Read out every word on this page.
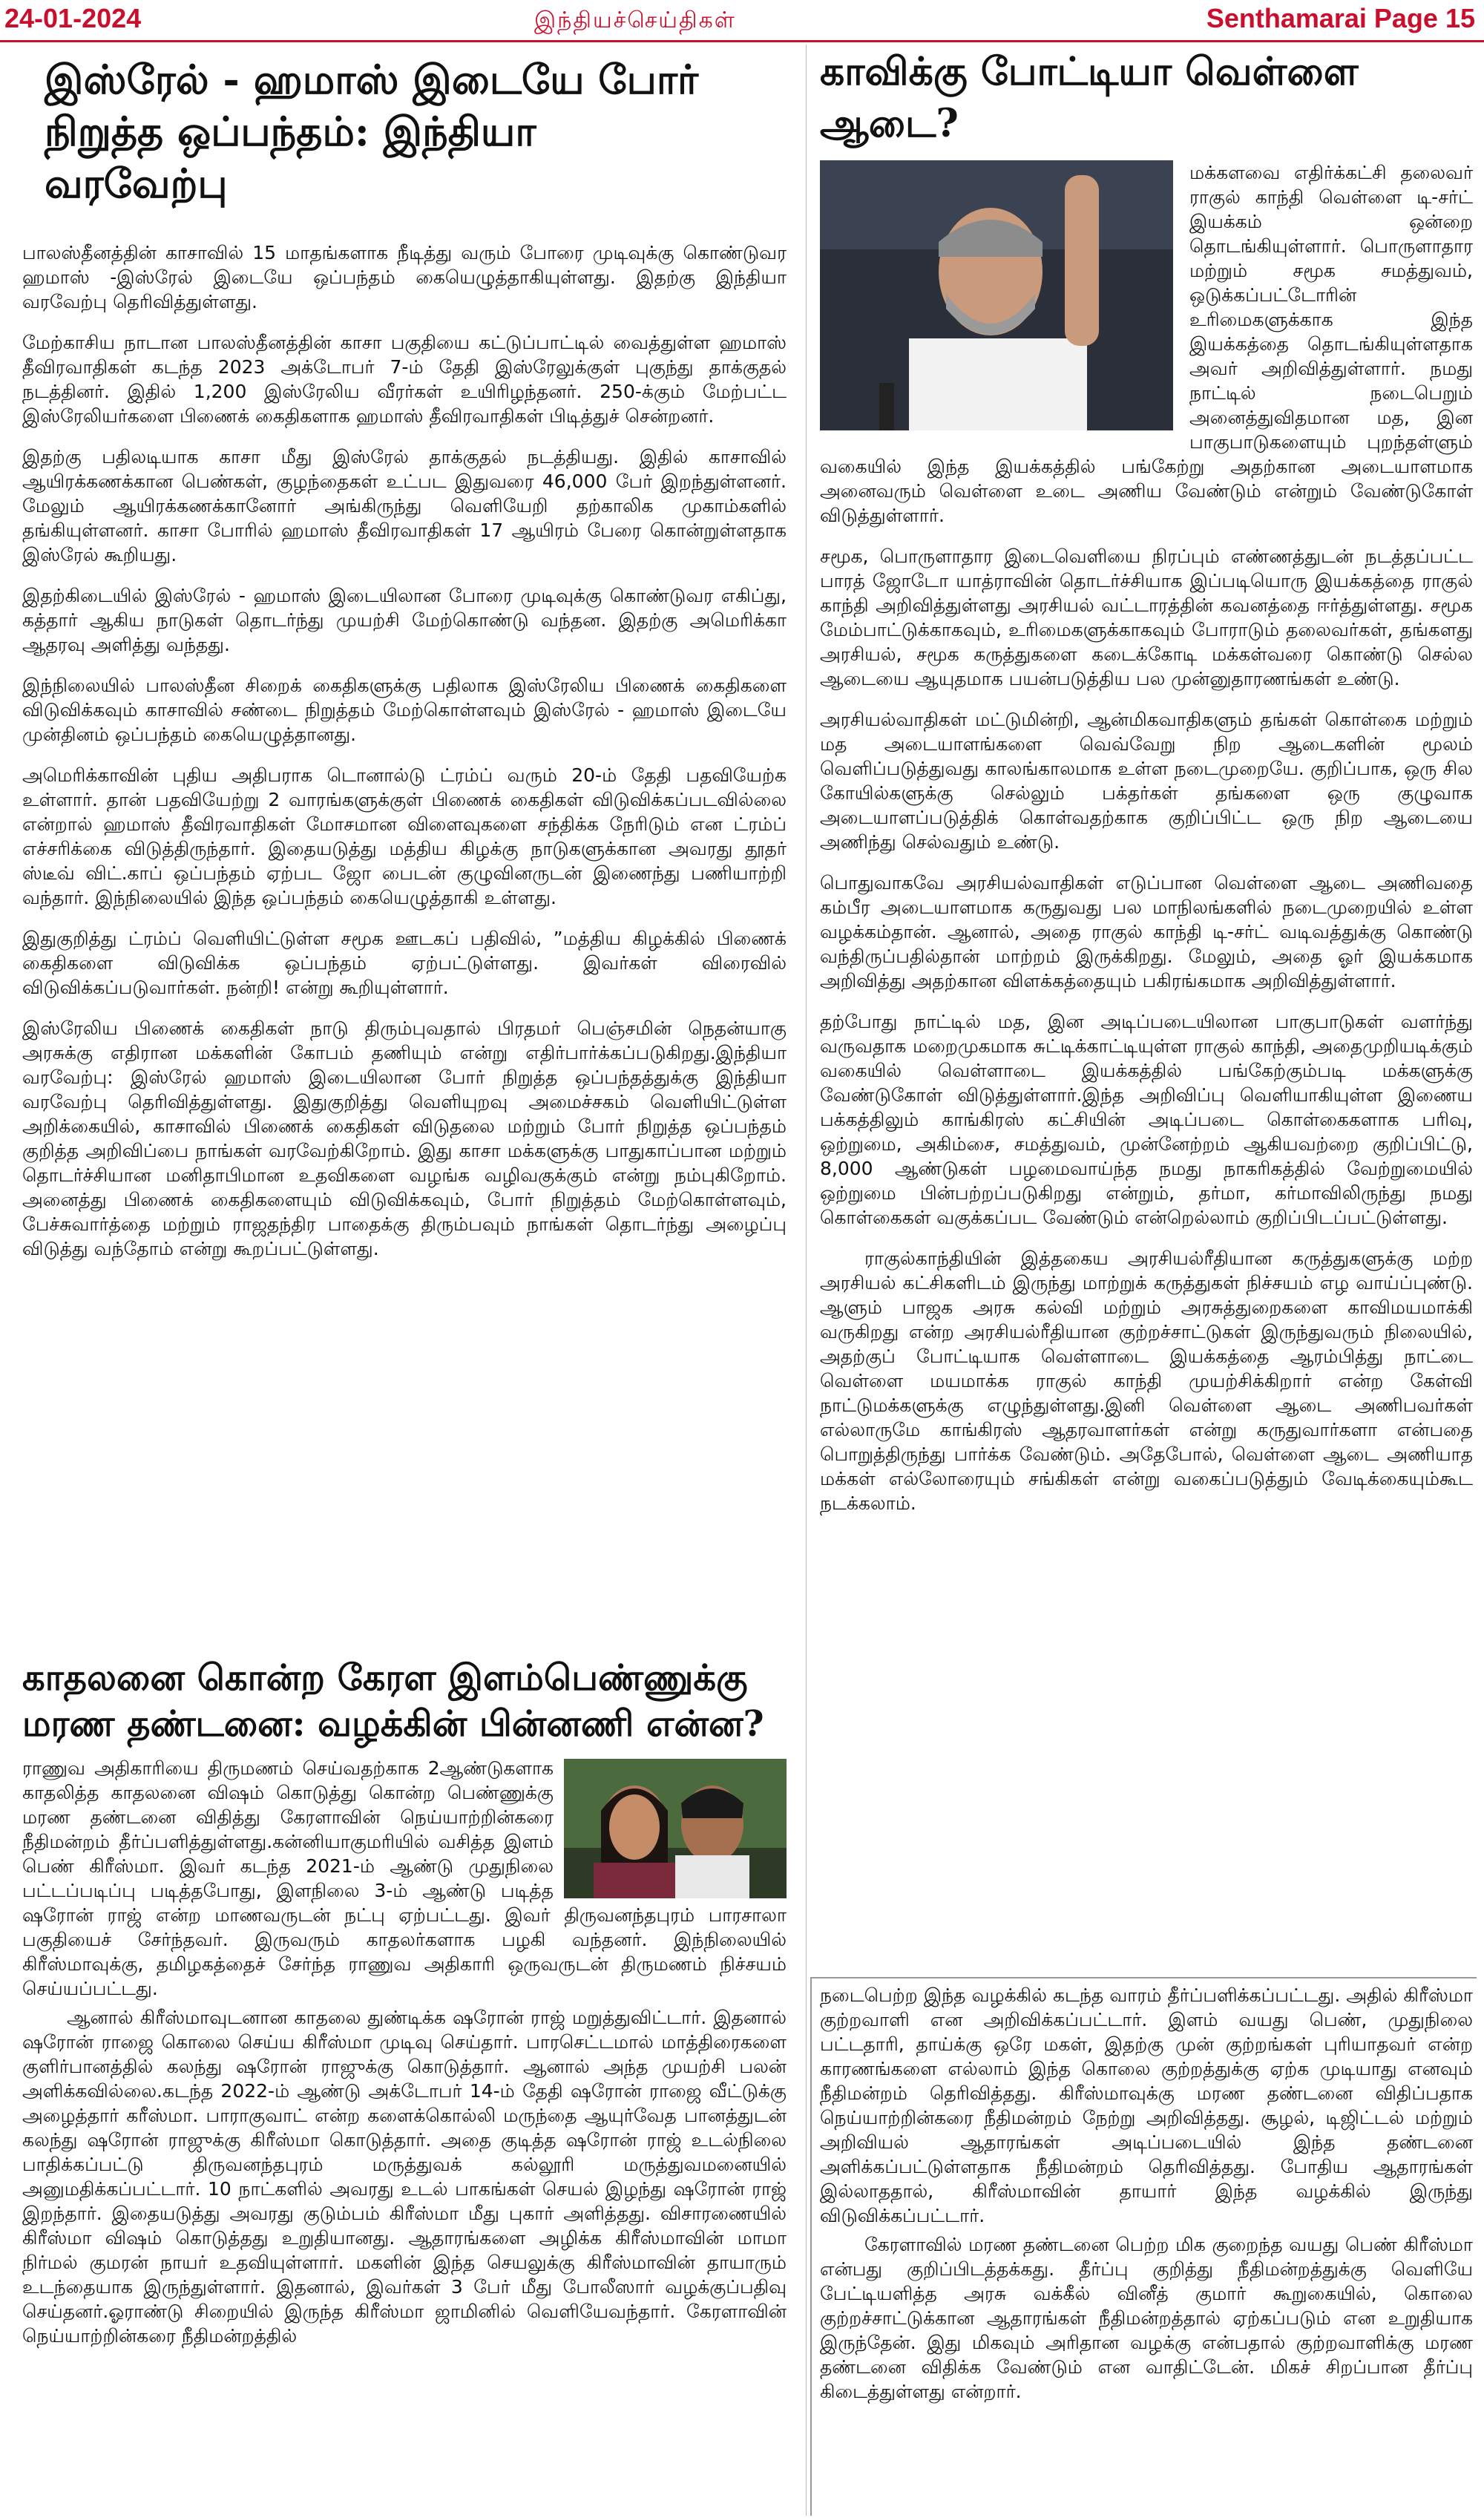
24-01-2024	இந்தியச்செய்திகள்	Senthamarai Page 15
இஸ்ரேல் - ஹமாஸ் இடையே போர் நிறுத்த ஒப்பந்தம்: இந்தியா வரவேற்பு

பாலஸ்தீனத்தின் காசாவில் 15 மாதங்களாக நீடித்து வரும் போரை முடிவுக்கு கொண்டுவர ஹமாஸ் -இஸ்ரேல் இடையே ஒப்பந்தம் கையெழுத்தாகியுள்ளது. இதற்கு இந்தியா வரவேற்பு தெரிவித்துள்ளது.

மேற்காசிய நாடான பாலஸ்தீனத்தின் காசா பகுதியை கட்டுப்பாட்டில் வைத்துள்ள ஹமாஸ் தீவிரவாதிகள் கடந்த 2023 அக்டோபர் 7-ம் தேதி இஸ்ரேலுக்குள் புகுந்து தாக்குதல் நடத்தினர். இதில் 1,200 இஸ்ரேலிய வீரர்கள் உயிரிழந்தனர். 250-க்கும் மேற்பட்ட இஸ்ரேலியர்களை பிணைக் கைதிகளாக ஹமாஸ் தீவிரவாதிகள் பிடித்துச் சென்றனர்.

இதற்கு பதிலடியாக காசா மீது இஸ்ரேல் தாக்குதல் நடத்தியது. இதில் காசாவில் ஆயிரக்கணக்கான பெண்கள், குழந்தைகள் உட்பட இதுவரை 46,000 பேர் இறந்துள்ளனர். மேலும் ஆயிரக்கணக்கானோர் அங்கிருந்து வெளியேறி தற்காலிக முகாம்களில் தங்கியுள்ளனர். காசா போரில் ஹமாஸ் தீவிரவாதிகள் 17 ஆயிரம் பேரை கொன்றுள்ளதாக இஸ்ரேல் கூறியது.

இதற்கிடையில் இஸ்ரேல் - ஹமாஸ் இடையிலான போரை முடிவுக்கு கொண்டுவர எகிப்து, கத்தார் ஆகிய நாடுகள் தொடர்ந்து முயற்சி மேற்கொண்டு வந்தன. இதற்கு அமெரிக்கா ஆதரவு அளித்து வந்தது.

இந்நிலையில் பாலஸ்தீன சிறைக் கைதிகளுக்கு பதிலாக இஸ்ரேலிய பிணைக் கைதிகளை விடுவிக்கவும் காசாவில் சண்டை நிறுத்தம் மேற்கொள்ளவும் இஸ்ரேல் - ஹமாஸ் இடையே முன்தினம் ஒப்பந்தம் கையெழுத்தானது.

அமெரிக்காவின் புதிய அதிபராக டொனால்டு ட்ரம்ப் வரும் 20-ம் தேதி பதவியேற்க உள்ளார். தான் பதவியேற்று 2 வாரங்களுக்குள் பிணைக் கைதிகள் விடுவிக்கப்படவில்லை என்றால் ஹமாஸ் தீவிரவாதிகள் மோசமான விளைவுகளை சந்திக்க நேரிடும் என ட்ரம்ப் எச்சரிக்கை விடுத்திருந்தார். இதையடுத்து மத்திய கிழக்கு நாடுகளுக்கான அவரது தூதர் ஸ்டீவ் விட்.காப் ஒப்பந்தம் ஏற்பட ஜோ பைடன் குழுவினருடன் இணைந்து பணியாற்றி வந்தார். இந்நிலையில் இந்த ஒப்பந்தம் கையெழுத்தாகி உள்ளது.

இதுகுறித்து ட்ரம்ப் வெளியிட்டுள்ள சமூக ஊடகப் பதிவில், ”மத்திய கிழக்கில் பிணைக் கைதிகளை விடுவிக்க ஒப்பந்தம் ஏற்பட்டுள்ளது. இவர்கள் விரைவில் விடுவிக்கப்படுவார்கள். நன்றி! என்று கூறியுள்ளார்.

இஸ்ரேலிய பிணைக் கைதிகள் நாடு திரும்புவதால் பிரதமர் பெஞ்சமின் நெதன்யாகு அரசுக்கு எதிரான மக்களின் கோபம் தணியும் என்று எதிர்பார்க்கப்படுகிறது.இந்தியா வரவேற்பு: இஸ்ரேல் ஹமாஸ் இடையிலான போர் நிறுத்த ஒப்பந்தத்துக்கு இந்தியா வரவேற்பு தெரிவித்துள்ளது. இதுகுறித்து வெளியுறவு அமைச்சகம் வெளியிட்டுள்ள அறிக்கையில், காசாவில் பிணைக் கைதிகள் விடுதலை மற்றும் போர் நிறுத்த ஒப்பந்தம் குறித்த அறிவிப்பை நாங்கள் வரவேற்கிறோம். இது காசா மக்களுக்கு பாதுகாப்பான மற்றும் தொடர்ச்சியான மனிதாபிமான உதவிகளை வழங்க வழிவகுக்கும் என்று நம்புகிறோம். அனைத்து பிணைக் கைதிகளையும் விடுவிக்கவும், போர் நிறுத்தம் மேற்கொள்ளவும், பேச்சுவார்த்தை மற்றும் ராஜதந்திர பாதைக்கு திரும்பவும் நாங்கள் தொடர்ந்து அழைப்பு விடுத்து வந்தோம் என்று கூறப்பட்டுள்ளது.

காதலனை கொன்ற கேரள இளம்பெண்ணுக்கு மரண தண்டனை: வழக்கின் பின்னணி என்ன?

ராணுவ அதிகாரியை திருமணம் செய்வதற்காக 2ஆண்டுகளாக காதலித்த காதலனை விஷம் கொடுத்து கொன்ற பெண்ணுக்கு மரண தண்டனை விதித்து கேரளாவின் நெய்யாற்றின்கரை நீதிமன்றம் தீர்ப்பளித்துள்ளது.கன்னியாகுமரியில் வசித்த இளம் பெண் கிரீஸ்மா. இவர் கடந்த 2021-ம் ஆண்டு முதுநிலை பட்டப்படிப்பு படித்தபோது, இளநிலை 3-ம் ஆண்டு படித்த ஷரோன் ராஜ் என்ற மாணவருடன் நட்பு ஏற்பட்டது. இவர் திருவனந்தபுரம் பாரசாலா பகுதியைச் சேர்ந்தவர். இருவரும் காதலர்களாக பழகி வந்தனர். இந்நிலையில் கிரீஸ்மாவுக்கு, தமிழகத்தைச் சேர்ந்த ராணுவ அதிகாரி ஒருவருடன் திருமணம் நிச்சயம் செய்யப்பட்டது.

ஆனால் கிரீஸ்மாவுடனான காதலை துண்டிக்க ஷரோன் ராஜ் மறுத்துவிட்டார். இதனால் ஷரோன் ராஜை கொலை செய்ய கிரீஸ்மா முடிவு செய்தார். பாரசெட்டமால் மாத்திரைகளை குளிர்பானத்தில் கலந்து ஷரோன் ராஜுக்கு கொடுத்தார். ஆனால் அந்த முயற்சி பலன் அளிக்கவில்லை.கடந்த 2022-ம் ஆண்டு அக்டோபர் 14-ம் தேதி ஷரோன் ராஜை வீட்டுக்கு அழைத்தார் கரீஸ்மா. பாராகுவாட் என்ற களைக்கொல்லி மருந்தை ஆயுர்வேத பானத்துடன் கலந்து ஷரோன் ராஜுக்கு கிரீஸ்மா கொடுத்தார். அதை குடித்த ஷரோன் ராஜ் உடல்நிலை பாதிக்கப்பட்டு திருவனந்தபுரம் மருத்துவக் கல்லூரி மருத்துவமனையில் அனுமதிக்கப்பட்டார். 10 நாட்களில் அவரது உடல் பாகங்கள் செயல் இழந்து ஷரோன் ராஜ் இறந்தார். இதையடுத்து அவரது குடும்பம் கிரீஸ்மா மீது புகார் அளித்தது. விசாரணையில் கிரீஸ்மா விஷம் கொடுத்தது உறுதியானது. ஆதாரங்களை அழிக்க கிரீஸ்மாவின் மாமா நிர்மல் குமரன் நாயர் உதவியுள்ளார். மகளின் இந்த செயலுக்கு கிரீஸ்மாவின் தாயாரும் உடந்தையாக இருந்துள்ளார். இதனால், இவர்கள் 3 பேர் மீது போலீஸார் வழக்குப்பதிவு செய்தனர்.ஓராண்டு சிறையில் இருந்த கிரீஸ்மா ஜாமினில் வெளியேவந்தார். கேரளாவின் நெய்யாற்றின்கரை நீதிமன்றத்தில்

காவிக்கு போட்டியா வெள்ளை ஆடை?

மக்களவை எதிர்க்கட்சி தலைவர் ராகுல் காந்தி வெள்ளை டி-சர்ட் இயக்கம் ஒன்றை தொடங்கியுள்ளார். பொருளாதார மற்றும் சமூக சமத்துவம், ஒடுக்கப்பட்டோரின் உரிமைகளுக்காக இந்த இயக்கத்தை தொடங்கியுள்ளதாக அவர் அறிவித்துள்ளார். நமது நாட்டில் நடைபெறும் அனைத்துவிதமான மத, இன பாகுபாடுகளையும் புறந்தள்ளும் வகையில் இந்த இயக்கத்தில் பங்கேற்று அதற்கான அடையாளமாக அனைவரும் வெள்ளை உடை அணிய வேண்டும் என்றும் வேண்டுகோள் விடுத்துள்ளார்.

சமூக, பொருளாதார இடைவெளியை நிரப்பும் எண்ணத்துடன் நடத்தப்பட்ட பாரத் ஜோடோ யாத்ராவின் தொடர்ச்சியாக இப்படியொரு இயக்கத்தை ராகுல் காந்தி அறிவித்துள்ளது அரசியல் வட்டாரத்தின் கவனத்தை ஈர்த்துள்ளது. சமூக மேம்பாட்டுக்காகவும், உரிமைகளுக்காகவும் போராடும் தலைவர்கள், தங்களது அரசியல், சமூக கருத்துகளை கடைக்கோடி மக்கள்வரை கொண்டு செல்ல ஆடையை ஆயுதமாக பயன்படுத்திய பல முன்னுதாரணங்கள் உண்டு.

அரசியல்வாதிகள் மட்டுமின்றி, ஆன்மிகவாதிகளும் தங்கள் கொள்கை மற்றும் மத அடையாளங்களை வெவ்வேறு நிற ஆடைகளின் மூலம் வெளிப்படுத்துவது காலங்காலமாக உள்ள நடைமுறையே. குறிப்பாக, ஒரு சில கோயில்களுக்கு செல்லும் பக்தர்கள் தங்களை ஒரு குழுவாக அடையாளப்படுத்திக் கொள்வதற்காக குறிப்பிட்ட ஒரு நிற ஆடையை அணிந்து செல்வதும் உண்டு.

பொதுவாகவே அரசியல்வாதிகள் எடுப்பான வெள்ளை ஆடை அணிவதை கம்பீர அடையாளமாக கருதுவது பல மாநிலங்களில் நடைமுறையில் உள்ள வழக்கம்தான். ஆனால், அதை ராகுல் காந்தி டி-சர்ட் வடிவத்துக்கு கொண்டு வந்திருப்பதில்தான் மாற்றம் இருக்கிறது. மேலும், அதை ஓர் இயக்கமாக அறிவித்து அதற்கான விளக்கத்தையும் பகிரங்கமாக அறிவித்துள்ளார்.

தற்போது நாட்டில் மத, இன அடிப்படையிலான பாகுபாடுகள் வளர்ந்து வருவதாக மறைமுகமாக சுட்டிக்காட்டியுள்ள ராகுல் காந்தி, அதைமுறியடிக்கும் வகையில் வெள்ளாடை இயக்கத்தில் பங்கேற்கும்படி மக்களுக்கு வேண்டுகோள் விடுத்துள்ளார்.இந்த அறிவிப்பு வெளியாகியுள்ள இணைய பக்கத்திலும் காங்கிரஸ் கட்சியின் அடிப்படை கொள்கைகளாக பரிவு, ஒற்றுமை, அகிம்சை, சமத்துவம், முன்னேற்றம் ஆகியவற்றை குறிப்பிட்டு, 8,000 ஆண்டுகள் பழமைவாய்ந்த நமது நாகரிகத்தில் வேற்றுமையில் ஒற்றுமை பின்பற்றப்படுகிறது என்றும், தர்மா, கர்மாவிலிருந்து நமது கொள்கைகள் வகுக்கப்பட வேண்டும் என்றெல்லாம் குறிப்பிடப்பட்டுள்ளது.

ராகுல்காந்தியின் இத்தகைய அரசியல்ரீதியான கருத்துகளுக்கு மற்ற அரசியல் கட்சிகளிடம் இருந்து மாற்றுக் கருத்துகள் நிச்சயம் எழ வாய்ப்புண்டு. ஆளும் பாஜக அரசு கல்வி மற்றும் அரசுத்துறைகளை காவிமயமாக்கி வருகிறது என்ற அரசியல்ரீதியான குற்றச்சாட்டுகள் இருந்துவரும் நிலையில், அதற்குப் போட்டியாக வெள்ளாடை இயக்கத்தை ஆரம்பித்து நாட்டை வெள்ளை மயமாக்க ராகுல் காந்தி முயற்சிக்கிறார் என்ற கேள்வி நாட்டுமக்களுக்கு எழுந்துள்ளது.இனி வெள்ளை ஆடை அணிபவர்கள் எல்லாருமே காங்கிரஸ் ஆதரவாளர்கள் என்று கருதுவார்களா என்பதை பொறுத்திருந்து பார்க்க வேண்டும். அதேபோல், வெள்ளை ஆடை அணியாத மக்கள் எல்லோரையும் சங்கிகள் என்று வகைப்படுத்தும் வேடிக்கையும்கூட நடக்கலாம்.

நடைபெற்ற இந்த வழக்கில் கடந்த வாரம் தீர்ப்பளிக்கப்பட்டது. அதில் கிரீஸ்மா குற்றவாளி என அறிவிக்கப்பட்டார். இளம் வயது பெண், முதுநிலை பட்டதாரி, தாய்க்கு ஒரே மகள், இதற்கு முன் குற்றங்கள் புரியாதவர் என்ற காரணங்களை எல்லாம் இந்த கொலை குற்றத்துக்கு ஏற்க முடியாது எனவும் நீதிமன்றம் தெரிவித்தது. கிரீஸ்மாவுக்கு மரண தண்டனை விதிப்பதாக நெய்யாற்றின்கரை நீதிமன்றம் நேற்று அறிவித்தது. சூழல், டிஜிட்டல் மற்றும் அறிவியல் ஆதாரங்கள் அடிப்படையில் இந்த தண்டனை அளிக்கப்பட்டுள்ளதாக நீதிமன்றம் தெரிவித்தது. போதிய ஆதாரங்கள் இல்லாததால், கிரீஸ்மாவின் தாயார் இந்த வழக்கில் இருந்து விடுவிக்கப்பட்டார்.

கேரளாவில் மரண தண்டனை பெற்ற மிக குறைந்த வயது பெண் கிரீஸ்மா என்பது குறிப்பிடத்தக்கது. தீர்ப்பு குறித்து நீதிமன்றத்துக்கு வெளியே பேட்டியளித்த அரசு வக்கீல் வினீத் குமார் கூறுகையில், கொலை குற்றச்சாட்டுக்கான ஆதாரங்கள் நீதிமன்றத்தால் ஏற்கப்படும் என உறுதியாக இருந்தேன். இது மிகவும் அரிதான வழக்கு என்பதால் குற்றவாளிக்கு மரண தண்டனை விதிக்க வேண்டும் என வாதிட்டேன். மிகச் சிறப்பான தீர்ப்பு கிடைத்துள்ளது என்றார்.
